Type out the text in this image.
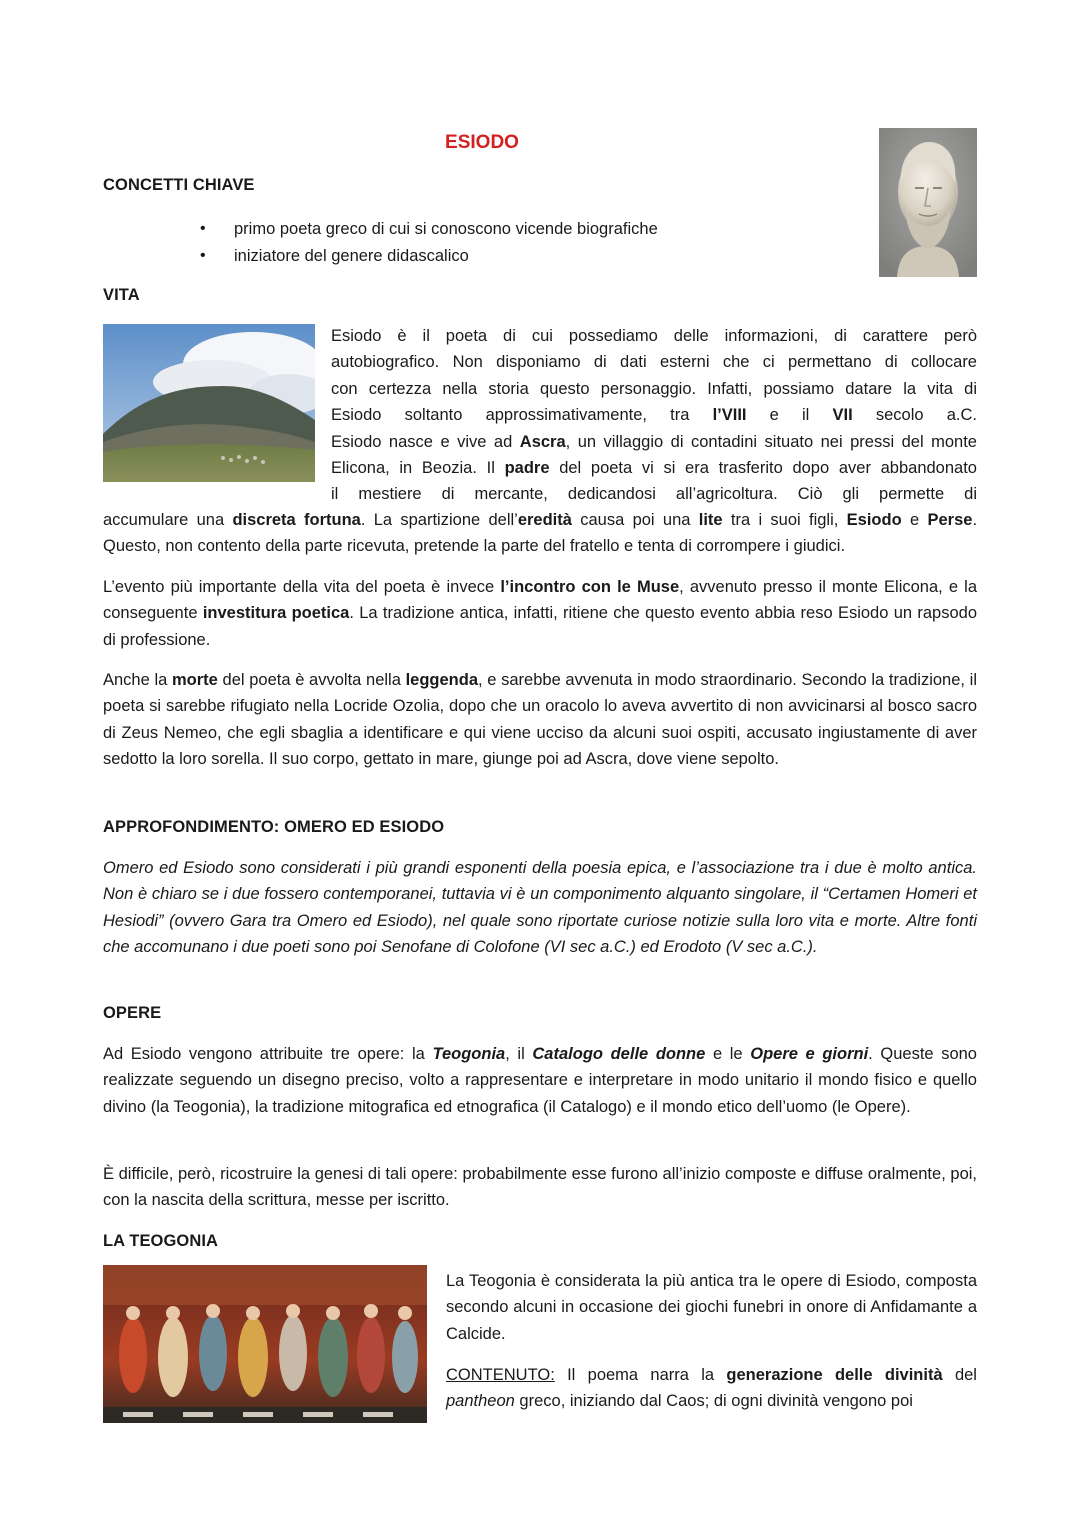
ESIODO
CONCETTI CHIAVE
• primo poeta greco di cui si conoscono vicende biografiche
• iniziatore del genere didascalico
VITA
Esiodo è il poeta di cui possediamo delle informazioni, di carattere però
autobiografico. Non disponiamo di dati esterni che ci permettano di collocare
con certezza nella storia questo personaggio. Infatti, possiamo datare la vita di
Esiodo soltanto approssimativamente, tra l’VIII e il VII secolo a.C.
Esiodo nasce e vive ad Ascra, un villaggio di contadini situato nei pressi del monte
Elicona, in Beozia. Il padre del poeta vi si era trasferito dopo aver abbandonato
il mestiere di mercante, dedicandosi all’agricoltura. Ciò gli permette di
accumulare una discreta fortuna. La spartizione dell’eredità causa poi una lite tra i suoi figli, Esiodo e Perse.
Questo, non contento della parte ricevuta, pretende la parte del fratello e tenta di corrompere i giudici.

L’evento più importante della vita del poeta è invece l’incontro con le Muse, avvenuto presso il monte Elicona, e la conseguente investitura poetica. La tradizione antica, infatti, ritiene che questo evento abbia reso Esiodo un rapsodo di professione.

Anche la morte del poeta è avvolta nella leggenda, e sarebbe avvenuta in modo straordinario. Secondo la tradizione, il poeta si sarebbe rifugiato nella Locride Ozolia, dopo che un oracolo lo aveva avvertito di non avvicinarsi al bosco sacro di Zeus Nemeo, che egli sbaglia a identificare e qui viene ucciso da alcuni suoi ospiti, accusato ingiustamente di aver sedotto la loro sorella. Il suo corpo, gettato in mare, giunge poi ad Ascra, dove viene sepolto.

APPROFONDIMENTO: OMERO ED ESIODO

Omero ed Esiodo sono considerati i più grandi esponenti della poesia epica, e l’associazione tra i due è molto antica. Non è chiaro se i due fossero contemporanei, tuttavia vi è un componimento alquanto singolare, il “Certamen Homeri et Hesiodi” (ovvero Gara tra Omero ed Esiodo), nel quale sono riportate curiose notizie sulla loro vita e morte. Altre fonti che accomunano i due poeti sono poi Senofane di Colofone (VI sec a.C.) ed Erodoto (V sec a.C.).

OPERE

Ad Esiodo vengono attribuite tre opere: la Teogonia, il Catalogo delle donne e le Opere e giorni. Queste sono realizzate seguendo un disegno preciso, volto a rappresentare e interpretare in modo unitario il mondo fisico e quello divino (la Teogonia), la tradizione mitografica ed etnografica (il Catalogo) e il mondo etico dell’uomo (le Opere).

È difficile, però, ricostruire la genesi di tali opere: probabilmente esse furono all’inizio composte e diffuse oralmente, poi, con la nascita della scrittura, messe per iscritto.

LA TEOGONIA

La Teogonia è considerata la più antica tra le opere di Esiodo, composta secondo alcuni in occasione dei giochi funebri in onore di Anfidamante a Calcide.

CONTENUTO: Il poema narra la generazione delle divinità del pantheon greco, iniziando dal Caos; di ogni divinità vengono poi
